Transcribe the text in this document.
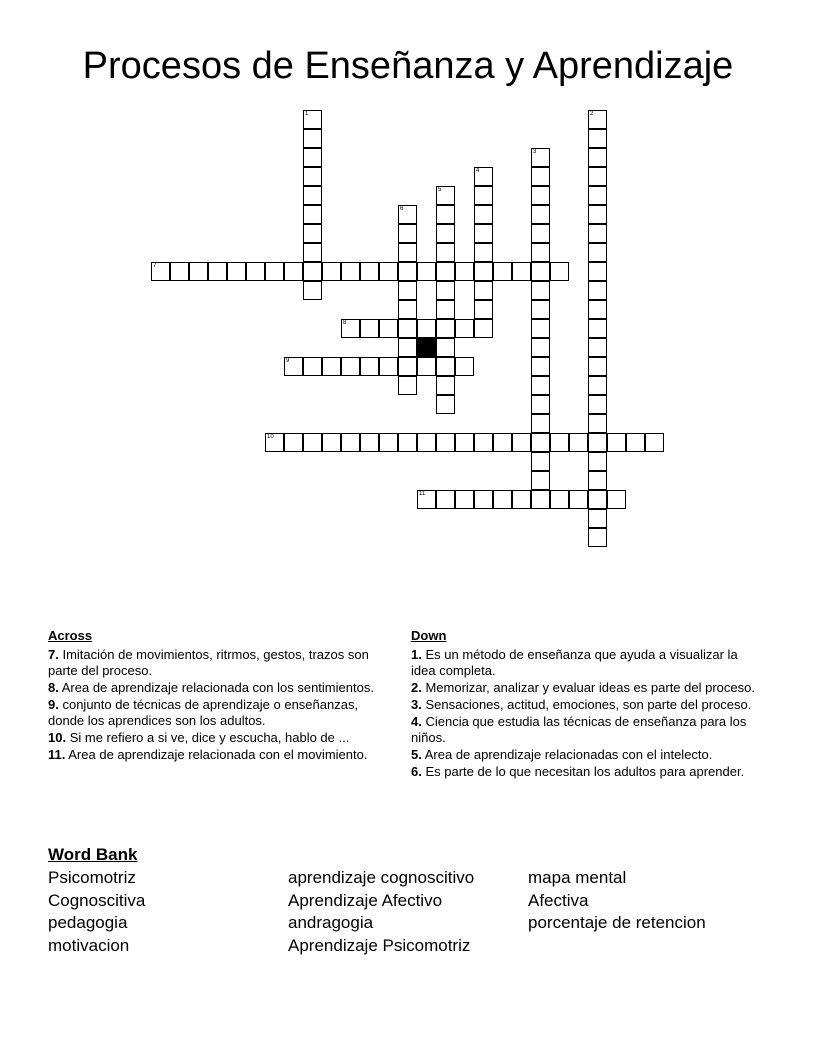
Procesos de Enseñanza y Aprendizaje
1	2
3
4
5
6
7
8
9
10
11
Across
7. Imitación de movimientos, ritrmos, gestos, trazos son parte del proceso.
8. Area de aprendizaje relacionada con los sentimientos.
9. conjunto de técnicas de aprendizaje o enseñanzas, donde los aprendices son los adultos.
10. Si me refiero a si ve, dice y escucha, hablo de ...
11. Area de aprendizaje relacionada con el movimiento.
Down
1. Es un método de enseñanza que ayuda a visualizar la idea completa.
2. Memorizar, analizar y evaluar ideas es parte del proceso.
3. Sensaciones, actitud, emociones, son parte del proceso.
4. Ciencia que estudia las técnicas de enseñanza para los niños.
5. Area de aprendizaje relacionadas con el intelecto.
6. Es parte de lo que necesitan los adultos para aprender.
Word Bank
Psicomotriz	aprendizaje cognoscitivo	mapa mental
Cognoscitiva	Aprendizaje Afectivo	Afectiva
pedagogia	andragogia	porcentaje de retencion
motivacion	Aprendizaje Psicomotriz
